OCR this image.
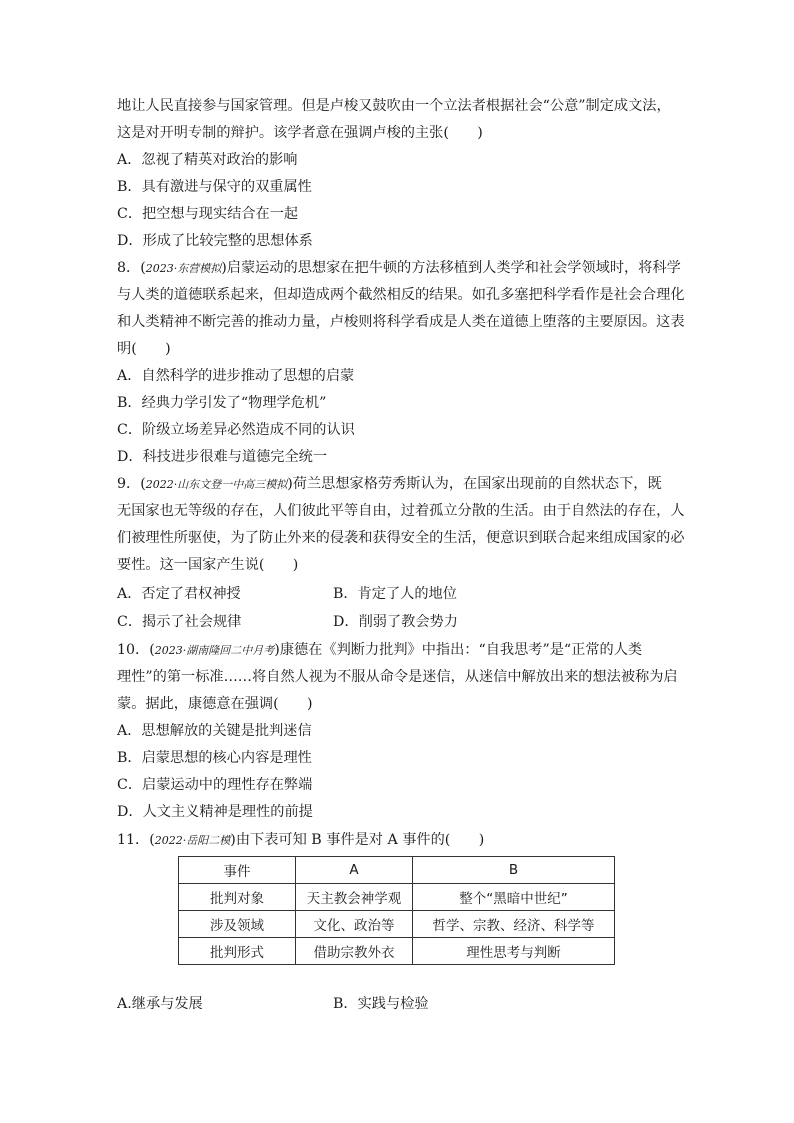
地让人民直接参与国家管理。但是卢梭又鼓吹由一个立法者根据社会“公意”制定成文法，
这是对开明专制的辩护。该学者意在强调卢梭的主张(　　)
A．忽视了精英对政治的影响
B．具有激进与保守的双重属性
C．把空想与现实结合在一起
D．形成了比较完整的思想体系
8．(2023·东营模拟)启蒙运动的思想家在把牛顿的方法移植到人类学和社会学领域时，将科学
与人类的道德联系起来，但却造成两个截然相反的结果。如孔多塞把科学看作是社会合理化
和人类精神不断完善的推动力量，卢梭则将科学看成是人类在道德上堕落的主要原因。这表
明(　　)
A．自然科学的进步推动了思想的启蒙
B．经典力学引发了“物理学危机”
C．阶级立场差异必然造成不同的认识
D．科技进步很难与道德完全统一
9．(2022·山东文登一中高三模拟)荷兰思想家格劳秀斯认为，在国家出现前的自然状态下，既
无国家也无等级的存在，人们彼此平等自由，过着孤立分散的生活。由于自然法的存在，人
们被理性所驱使，为了防止外来的侵袭和获得安全的生活，便意识到联合起来组成国家的必
要性。这一国家产生说(　　)
A．否定了君权神授	B．肯定了人的地位
C．揭示了社会规律	D．削弱了教会势力
10．(2023·湖南隆回二中月考)康德在《判断力批判》中指出：“自我思考”是“正常的人类
理性”的第一标准……将自然人视为不服从命令是迷信，从迷信中解放出来的想法被称为启
蒙。据此，康德意在强调(　　)
A．思想解放的关键是批判迷信
B．启蒙思想的核心内容是理性
C．启蒙运动中的理性存在弊端
D．人文主义精神是理性的前提
11．(2022·岳阳二模)由下表可知 B 事件是对 A 事件的(　　)
事件	A	B
批判对象	天主教会神学观	整个“黑暗中世纪”
涉及领域	文化、政治等	哲学、宗教、经济、科学等
批判形式	借助宗教外衣	理性思考与判断
A.继承与发展	B．实践与检验
